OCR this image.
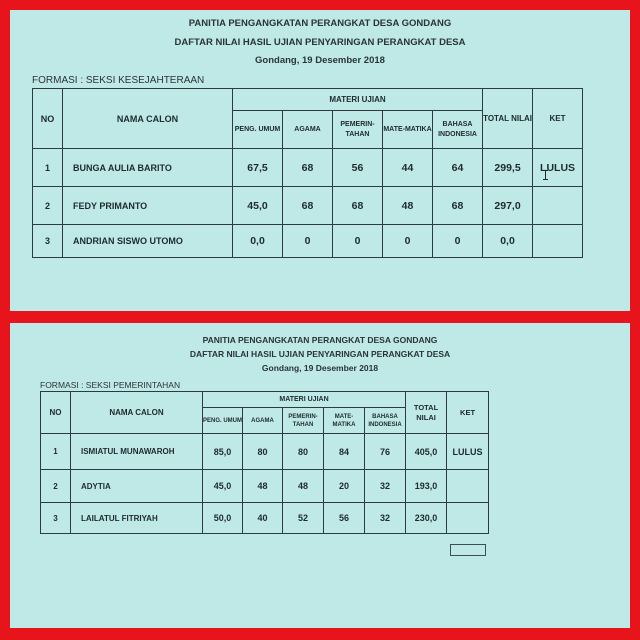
PANITIA PENGANGKATAN PERANGKAT DESA GONDANG
DAFTAR NILAI HASIL UJIAN PENYARINGAN PERANGKAT DESA
Gondang, 19 Desember 2018
FORMASI : SEKSI KESEJAHTERAAN
NO	NAMA CALON	MATERI UJIAN					TOTAL NILAI	KET
		PENG. UMUM	AGAMA	PEMERIN-TAHAN	MATE-MATIKA	BAHASA INDONESIA		
1	BUNGA AULIA BARITO	67,5	68	56	44	64	299,5	LULUS
2	FEDY PRIMANTO	45,0	68	68	48	68	297,0	
3	ANDRIAN SISWO UTOMO	0,0	0	0	0	0	0,0	
PANITIA PENGANGKATAN PERANGKAT DESA GONDANG
DAFTAR NILAI HASIL UJIAN PENYARINGAN PERANGKAT DESA
Gondang, 19 Desember 2018
FORMASI : SEKSI PEMERINTAHAN
NO	NAMA CALON	MATERI UJIAN					TOTAL NILAI	KET
		PENG. UMUM	AGAMA	PEMERIN-TAHAN	MATE-MATIKA	BAHASA INDONESIA		
1	ISMIATUL MUNAWAROH	85,0	80	80	84	76	405,0	LULUS
2	ADYTIA	45,0	48	48	20	32	193,0	
3	LAILATUL FITRIYAH	50,0	40	52	56	32	230,0	
